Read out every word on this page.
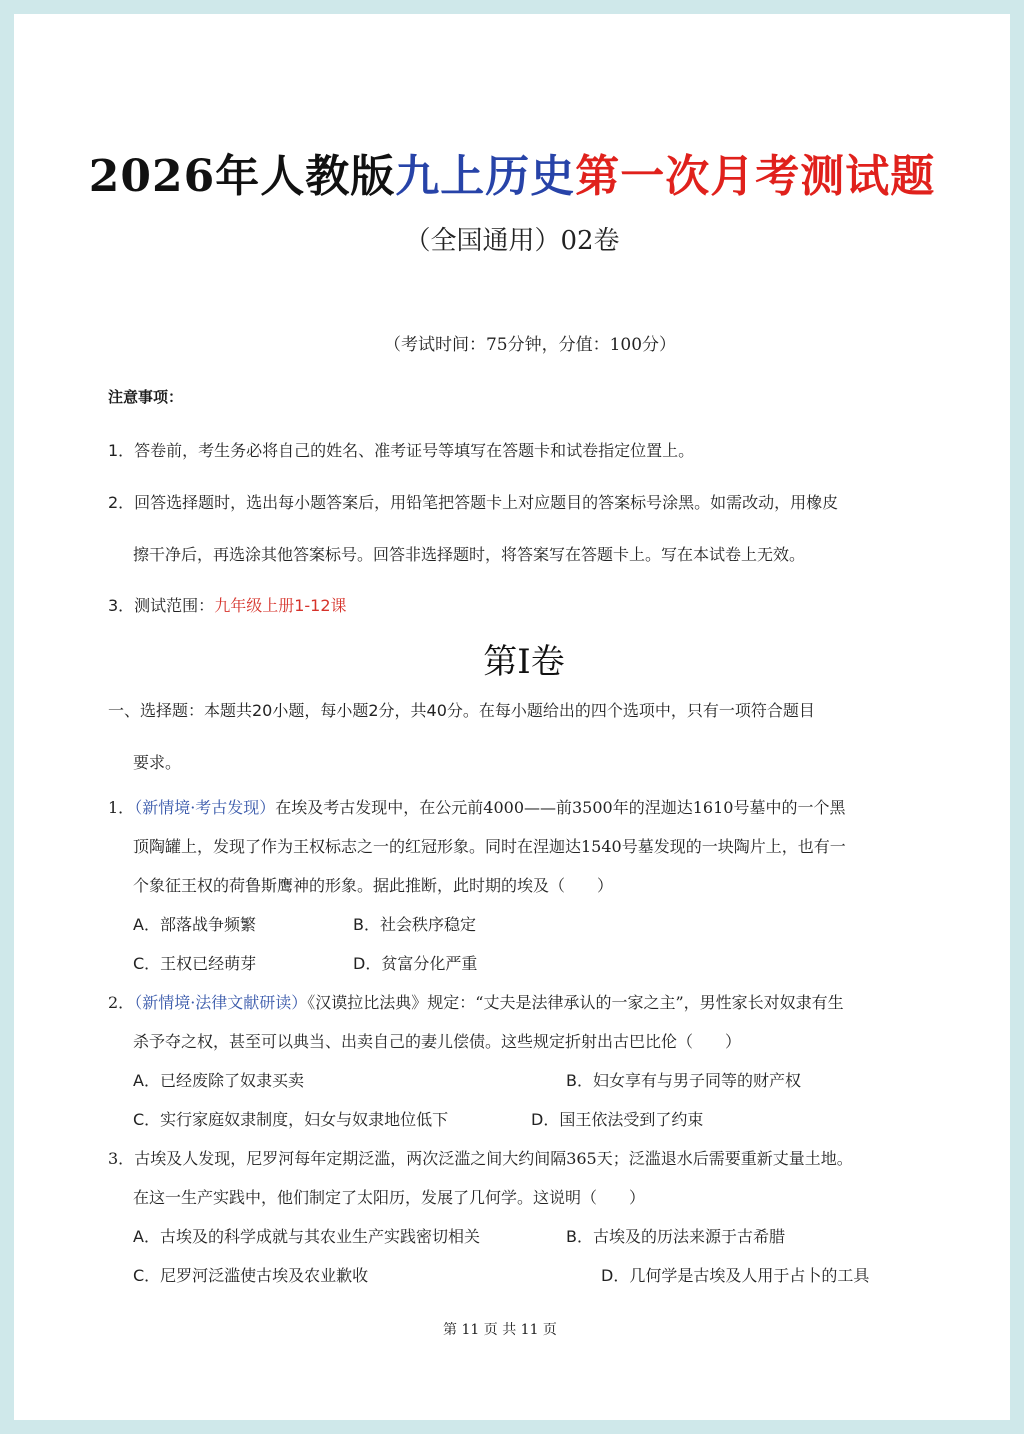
2026年人教版九上历史第一次月考测试题
（全国通用）02卷
（考试时间：75分钟，分值：100分）
注意事项：
1．答卷前，考生务必将自己的姓名、准考证号等填写在答题卡和试卷指定位置上。
2．回答选择题时，选出每小题答案后，用铅笔把答题卡上对应题目的答案标号涂黑。如需改动，用橡皮
擦干净后，再选涂其他答案标号。回答非选择题时，将答案写在答题卡上。写在本试卷上无效。
3．测试范围：九年级上册1-12课
第Ⅰ卷
一、选择题：本题共20小题，每小题2分，共40分。在每小题给出的四个选项中，只有一项符合题目
要求。
1．（新情境·考古发现）在埃及考古发现中，在公元前4000——前3500年的涅迦达1610号墓中的一个黑
顶陶罐上，发现了作为王权标志之一的红冠形象。同时在涅迦达1540号墓发现的一块陶片上，也有一
个象征王权的荷鲁斯鹰神的形象。据此推断，此时期的埃及（　　）
A．部落战争频繁	B．社会秩序稳定
C．王权已经萌芽	D．贫富分化严重
2．（新情境·法律文献研读）《汉谟拉比法典》规定：“丈夫是法律承认的一家之主”，男性家长对奴隶有生
杀予夺之权，甚至可以典当、出卖自己的妻儿偿债。这些规定折射出古巴比伦（　　）
A．已经废除了奴隶买卖	B．妇女享有与男子同等的财产权
C．实行家庭奴隶制度，妇女与奴隶地位低下	D．国王依法受到了约束
3．古埃及人发现，尼罗河每年定期泛滥，两次泛滥之间大约间隔365天；泛滥退水后需要重新丈量土地。
在这一生产实践中，他们制定了太阳历，发展了几何学。这说明（　　）
A．古埃及的科学成就与其农业生产实践密切相关	B．古埃及的历法来源于古希腊
C．尼罗河泛滥使古埃及农业歉收	D．几何学是古埃及人用于占卜的工具
第 11 页 共 11 页
